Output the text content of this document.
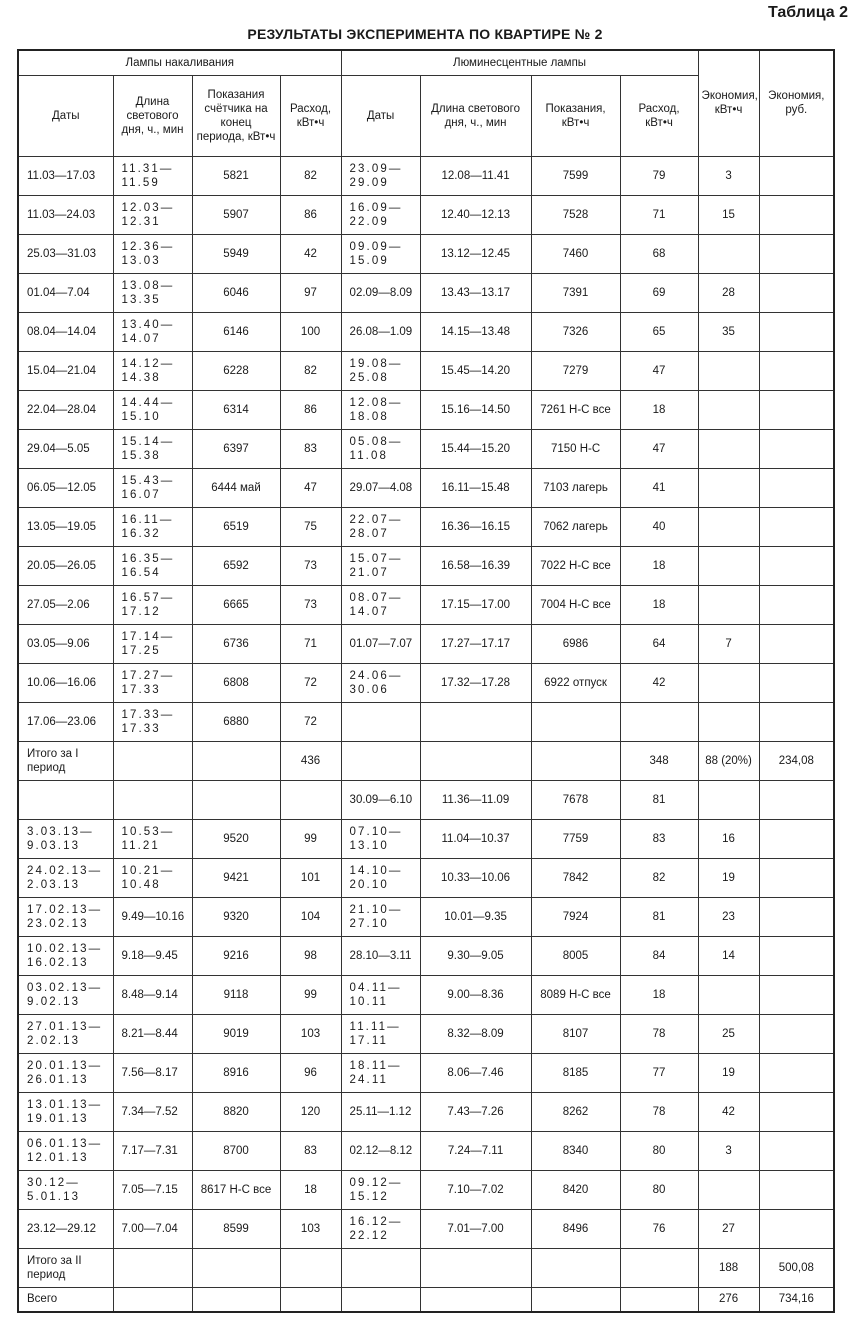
Таблица 2
РЕЗУЛЬТАТЫ ЭКСПЕРИМЕНТА ПО КВАРТИРЕ № 2
Лампы накаливания				Люминесцентные лампы				Экономия, кВт•ч	Экономия, руб.
Даты	Длина светового дня, ч., мин	Показания счётчика на конец периода, кВт•ч	Расход, кВт•ч	Даты	Длина светового дня, ч., мин	Показания, кВт•ч	Расход, кВт•ч		
11.03—17.03	11.31—11.59	5821	82	23.09—29.09	12.08—11.41	7599	79	3	
11.03—24.03	12.03—12.31	5907	86	16.09—22.09	12.40—12.13	7528	71	15	
25.03—31.03	12.36—13.03	5949	42	09.09—15.09	13.12—12.45	7460	68		
01.04—7.04	13.08—13.35	6046	97	02.09—8.09	13.43—13.17	7391	69	28	
08.04—14.04	13.40—14.07	6146	100	26.08—1.09	14.15—13.48	7326	65	35	
15.04—21.04	14.12—14.38	6228	82	19.08—25.08	15.45—14.20	7279	47		
22.04—28.04	14.44—15.10	6314	86	12.08—18.08	15.16—14.50	7261 Н-С все	18		
29.04—5.05	15.14—15.38	6397	83	05.08—11.08	15.44—15.20	7150 Н-С	47		
06.05—12.05	15.43—16.07	6444 май	47	29.07—4.08	16.11—15.48	7103 лагерь	41		
13.05—19.05	16.11—16.32	6519	75	22.07—28.07	16.36—16.15	7062 лагерь	40		
20.05—26.05	16.35—16.54	6592	73	15.07—21.07	16.58—16.39	7022 Н-С все	18		
27.05—2.06	16.57—17.12	6665	73	08.07—14.07	17.15—17.00	7004 Н-С все	18		
03.05—9.06	17.14—17.25	6736	71	01.07—7.07	17.27—17.17	6986	64	7	
10.06—16.06	17.27—17.33	6808	72	24.06—30.06	17.32—17.28	6922 отпуск	42		
17.06—23.06	17.33—17.33	6880	72						
Итого за I период			436				348	88 (20%)	234,08
				30.09—6.10	11.36—11.09	7678	81		
3.03.13—9.03.13	10.53—11.21	9520	99	07.10—13.10	11.04—10.37	7759	83	16	
24.02.13—2.03.13	10.21—10.48	9421	101	14.10—20.10	10.33—10.06	7842	82	19	
17.02.13—23.02.13	9.49—10.16	9320	104	21.10—27.10	10.01—9.35	7924	81	23	
10.02.13—16.02.13	9.18—9.45	9216	98	28.10—3.11	9.30—9.05	8005	84	14	
03.02.13—9.02.13	8.48—9.14	9118	99	04.11—10.11	9.00—8.36	8089 Н-С все	18		
27.01.13—2.02.13	8.21—8.44	9019	103	11.11—17.11	8.32—8.09	8107	78	25	
20.01.13—26.01.13	7.56—8.17	8916	96	18.11—24.11	8.06—7.46	8185	77	19	
13.01.13—19.01.13	7.34—7.52	8820	120	25.11—1.12	7.43—7.26	8262	78	42	
06.01.13—12.01.13	7.17—7.31	8700	83	02.12—8.12	7.24—7.11	8340	80	3	
30.12—5.01.13	7.05—7.15	8617 Н-С все	18	09.12—15.12	7.10—7.02	8420	80		
23.12—29.12	7.00—7.04	8599	103	16.12—22.12	7.01—7.00	8496	76	27	
Итого за II период								188	500,08
Всего								276	734,16
